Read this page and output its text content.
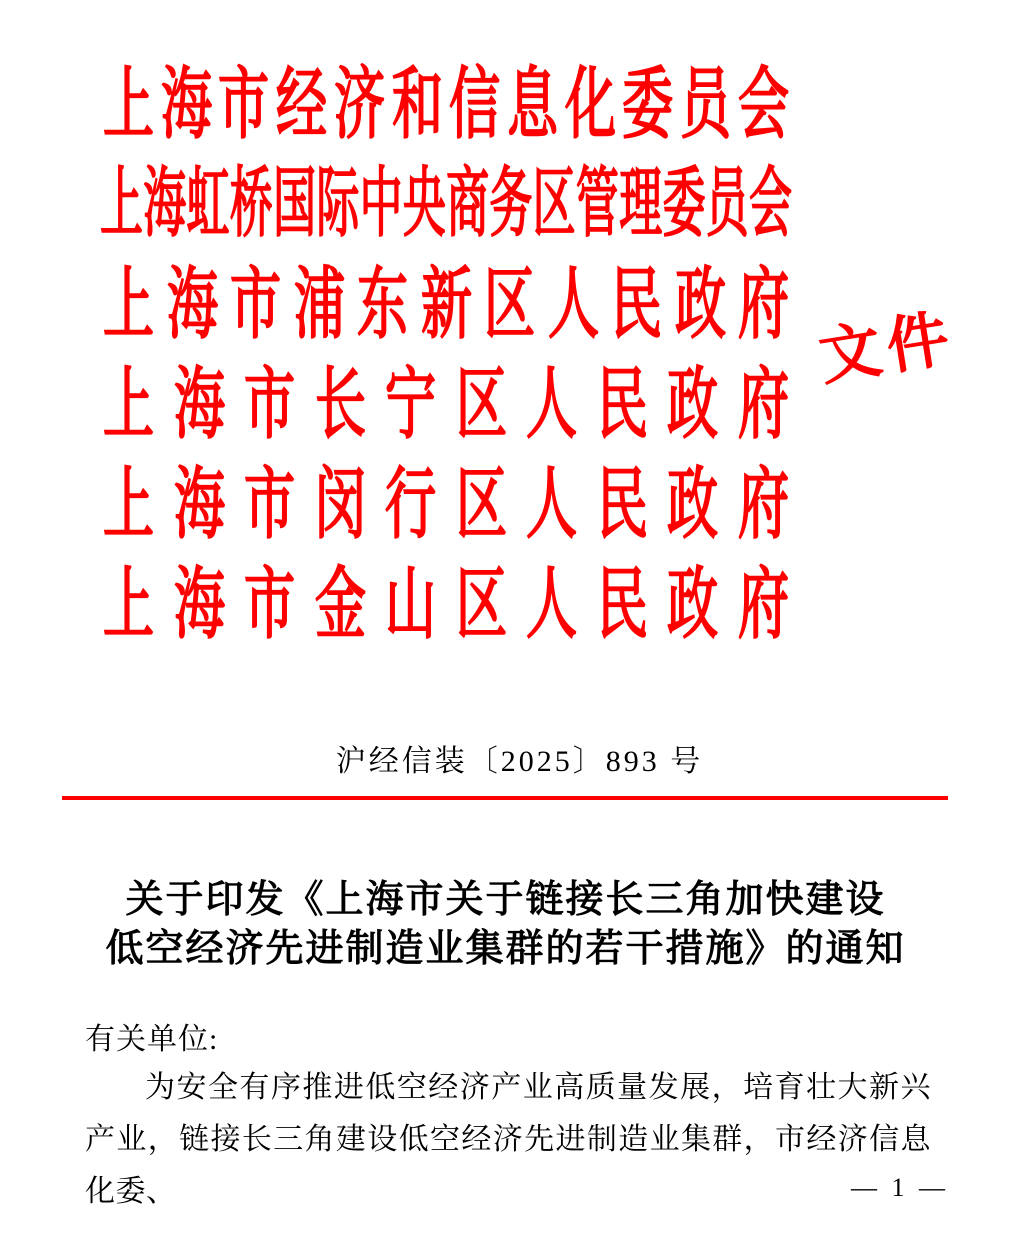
上 海 市 经 济 和 信 息 化 委 员 会
上 海 虹 桥 国 际 中 央 商 务 区 管 理 委 员 会
上 海 市 浦 东 新 区 人 民 政 府
上 海 市 长 宁 区 人 民 政 府
上 海 市 闵 行 区 人 民 政 府
上 海 市 金 山 区 人 民 政 府
文件
沪经信装〔2025〕893 号
关于印发《上海市关于链接长三角加快建设
低空经济先进制造业集群的若干措施》的通知
有关单位:

为安全有序推进低空经济产业高质量发展，培育壮大新兴产业，链接长三角建设低空经济先进制造业集群，市经济信息化委、	— 1 —
